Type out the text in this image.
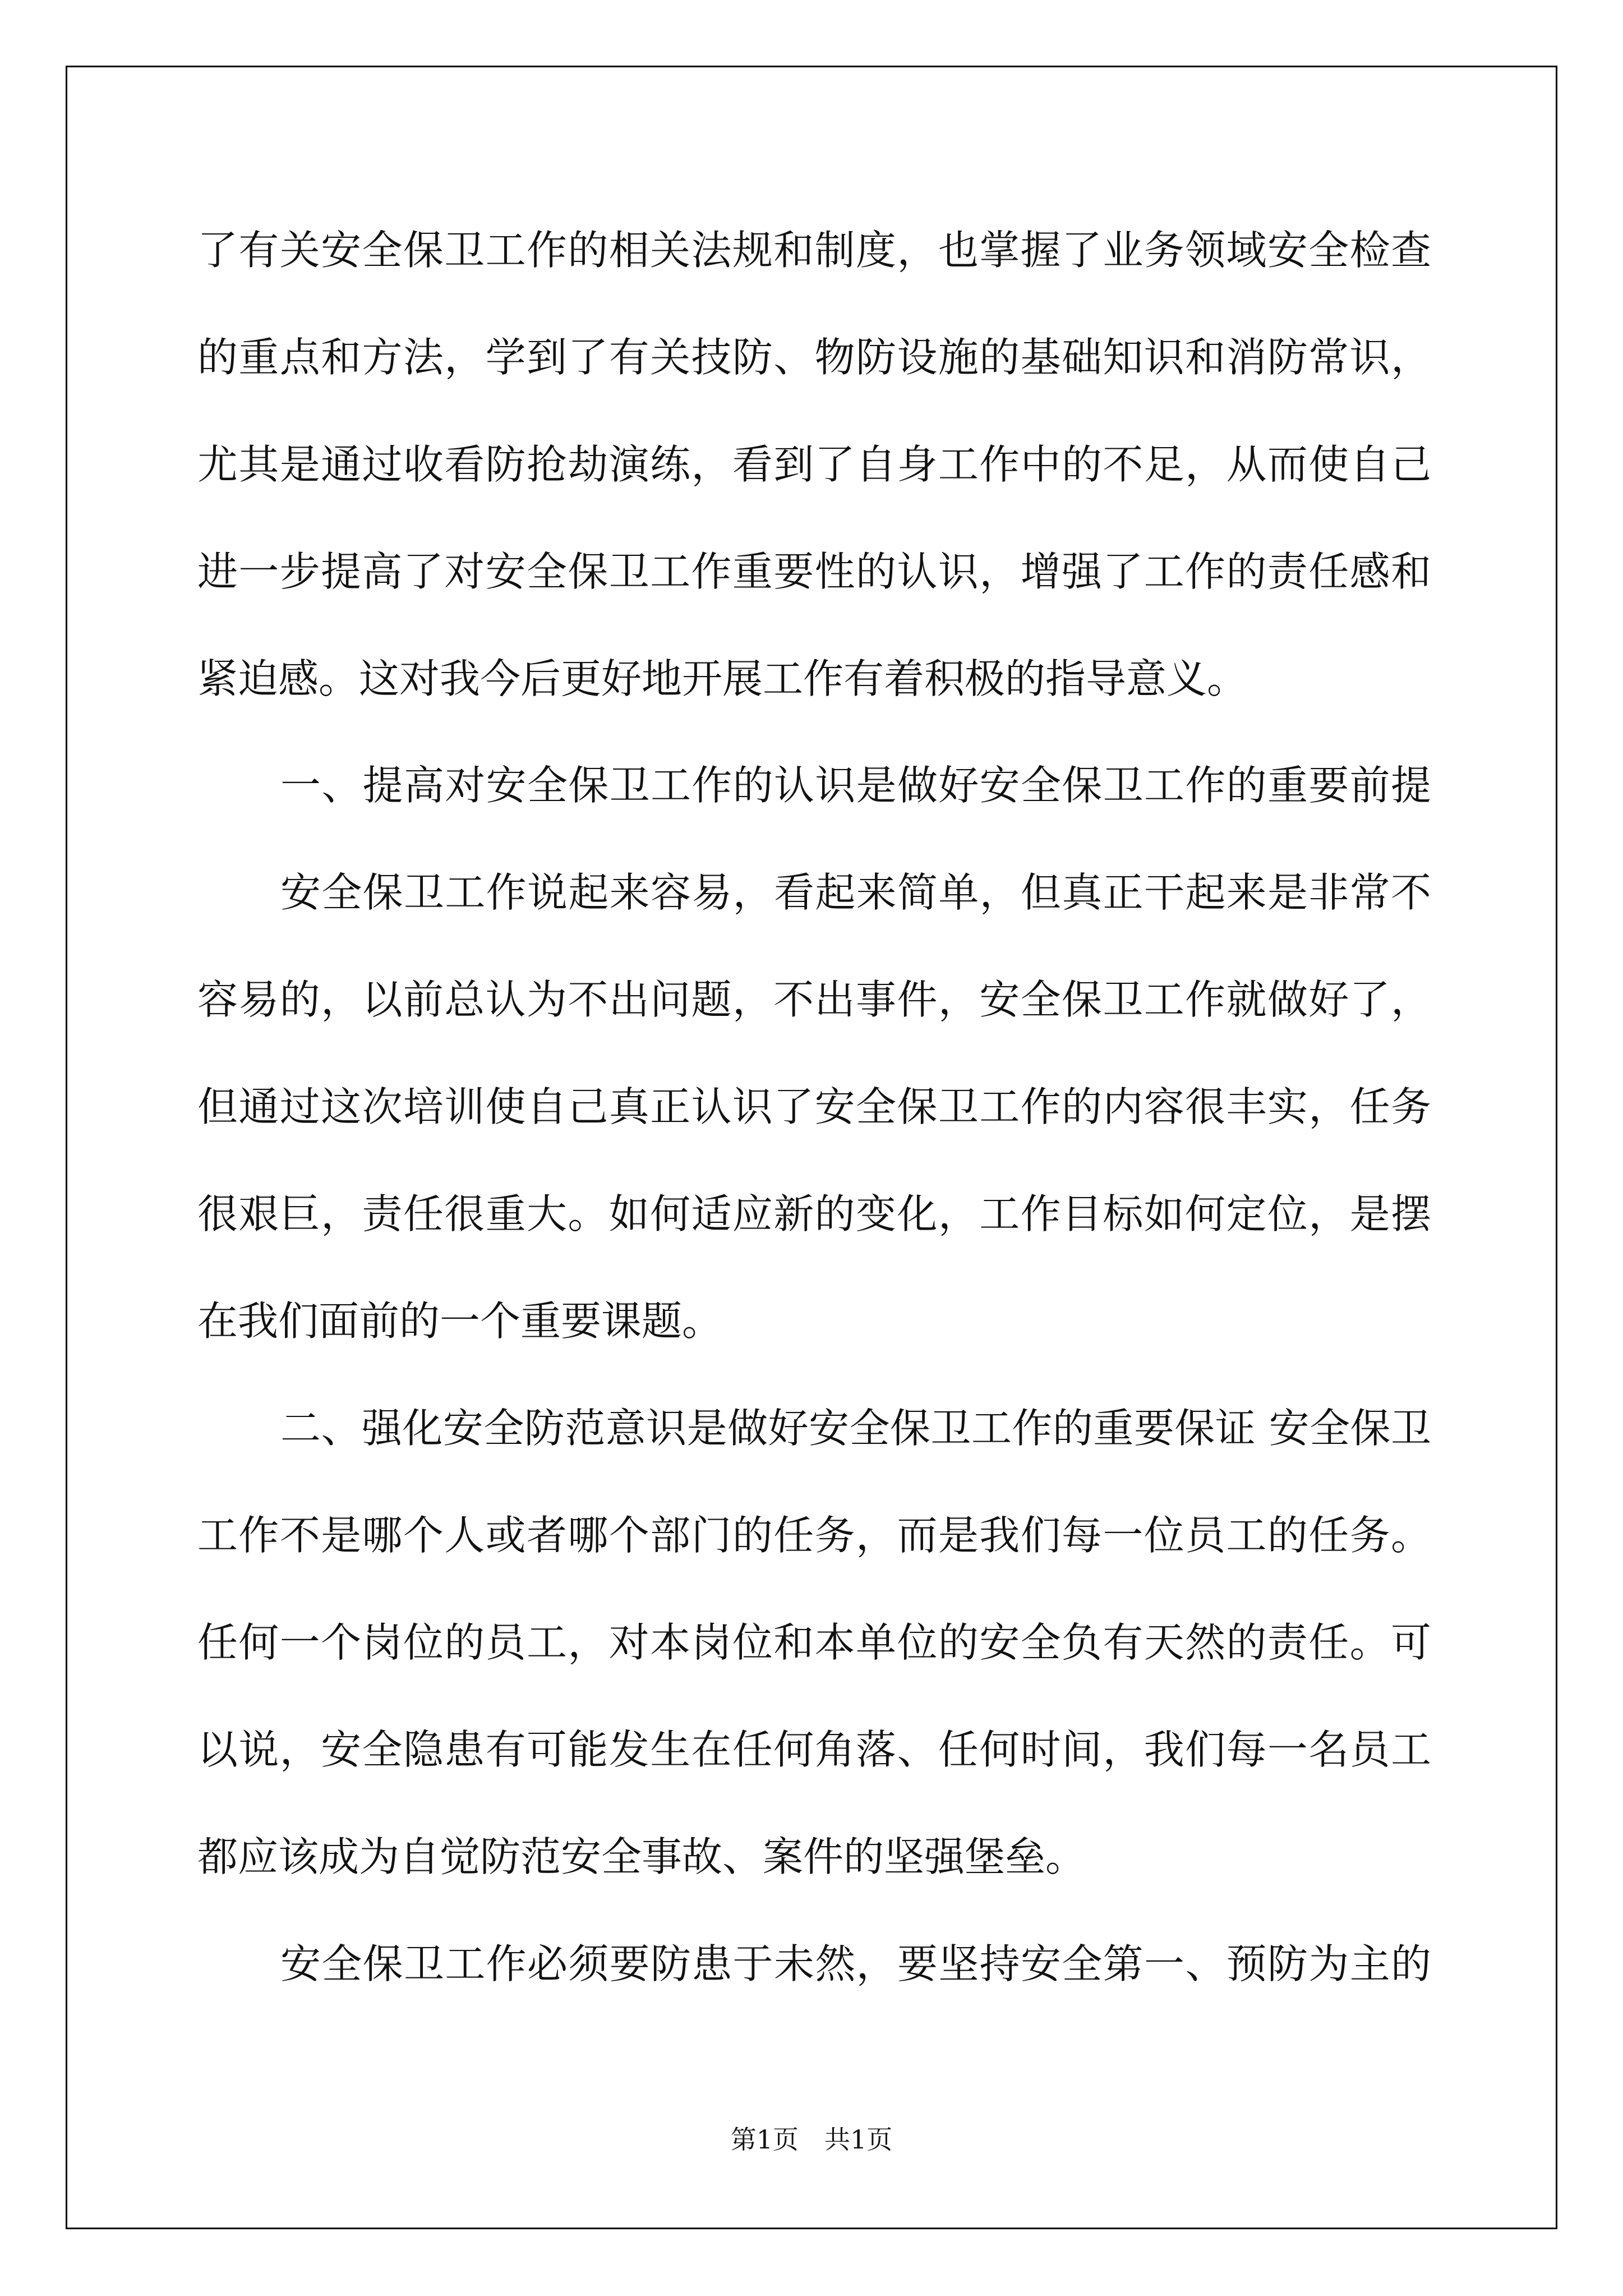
了有关安全保卫工作的相关法规和制度，也掌握了业务领域安全检查

的重点和方法，学到了有关技防、物防设施的基础知识和消防常识，

尤其是通过收看防抢劫演练，看到了自身工作中的不足，从而使自己

进一步提高了对安全保卫工作重要性的认识，增强了工作的责任感和

紧迫感。这对我今后更好地开展工作有着积极的指导意义。

一、提高对安全保卫工作的认识是做好安全保卫工作的重要前提

安全保卫工作说起来容易，看起来简单，但真正干起来是非常不

容易的，以前总认为不出问题，不出事件，安全保卫工作就做好了，

但通过这次培训使自己真正认识了安全保卫工作的内容很丰实，任务

很艰巨，责任很重大。如何适应新的变化，工作目标如何定位，是摆

在我们面前的一个重要课题。

二、强化安全防范意识是做好安全保卫工作的重要保证 安全保卫

工作不是哪个人或者哪个部门的任务，而是我们每一位员工的任务。

任何一个岗位的员工，对本岗位和本单位的安全负有天然的责任。可

以说，安全隐患有可能发生在任何角落、任何时间，我们每一名员工

都应该成为自觉防范安全事故、案件的坚强堡垒。

安全保卫工作必须要防患于未然，要坚持安全第一、预防为主的

第1页　共1页
